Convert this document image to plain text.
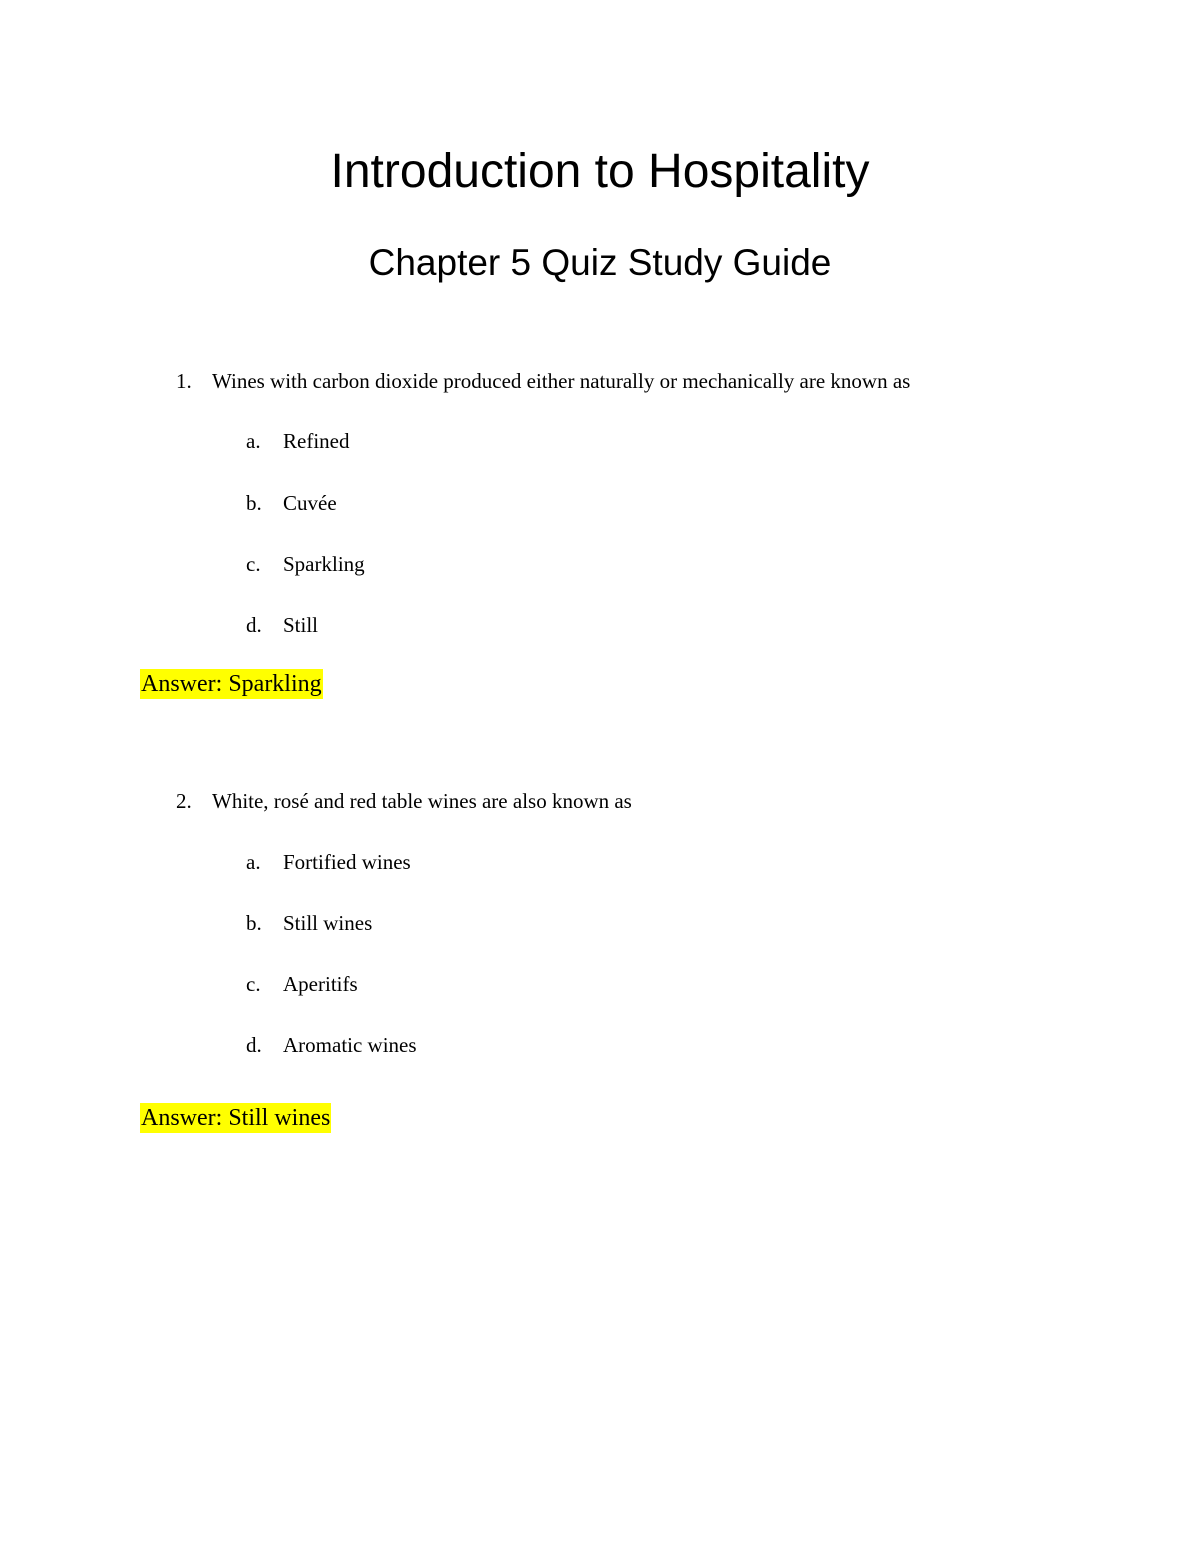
Introduction to Hospitality
Chapter 5 Quiz Study Guide
1. Wines with carbon dioxide produced either naturally or mechanically are known as
a. Refined
b. Cuvée
c. Sparkling
d. Still
Answer: Sparkling
2. White, rosé and red table wines are also known as
a. Fortified wines
b. Still wines
c. Aperitifs
d. Aromatic wines
Answer: Still wines
